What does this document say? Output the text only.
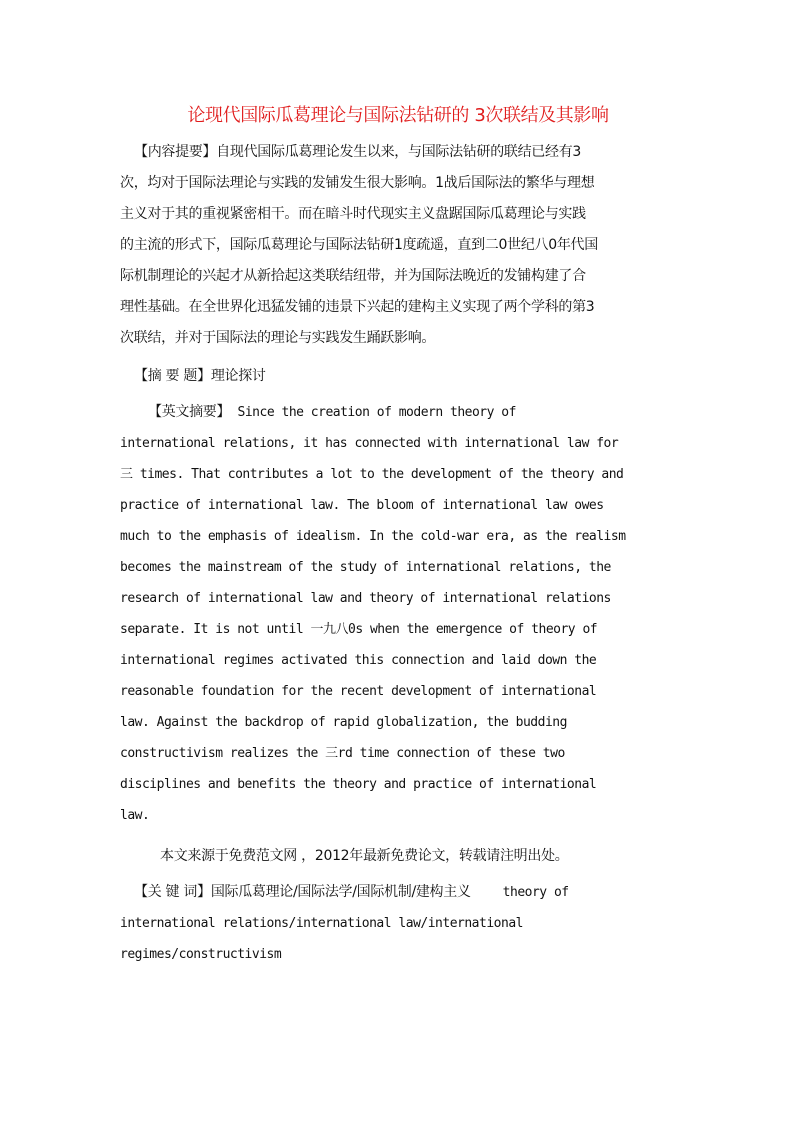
论现代国际瓜葛理论与国际法钻研的 3次联结及其影响
【内容提要】自现代国际瓜葛理论发生以来，与国际法钻研的联结已经有3
次，均对于国际法理论与实践的发铺发生很大影响。1战后国际法的繁华与理想
主义对于其的重视紧密相干。而在暗斗时代现实主义盘踞国际瓜葛理论与实践
的主流的形式下，国际瓜葛理论与国际法钻研1度疏遥，直到二0世纪八0年代国
际机制理论的兴起才从新拾起这类联结纽带，并为国际法晚近的发铺构建了合
理性基础。在全世界化迅猛发铺的违景下兴起的建构主义实现了两个学科的第3
次联结，并对于国际法的理论与实践发生踊跃影响。
【摘 要 题】理论探讨
【英文摘要】 Since the creation of modern theory of
international relations, it has connected with international law for
三 times. That contributes a lot to the development of the theory and
practice of international law. The bloom of international law owes
much to the emphasis of idealism. In the cold-war era, as the realism
becomes the mainstream of the study of international relations, the
research of international law and theory of international relations
separate. It is not until 一九八0s when the emergence of theory of
international regimes activated this connection and laid down the
reasonable foundation for the recent development of international
law. Against the backdrop of rapid globalization, the budding
constructivism realizes the 三rd time connection of these two
disciplines and benefits the theory and practice of international
law.
本文来源于免费范文网 ，2012年最新免费论文，转载请注明出处。
【关 键 词】国际瓜葛理论/国际法学/国际机制/建构主义 theory of
international relations/international law/international
regimes/constructivism
